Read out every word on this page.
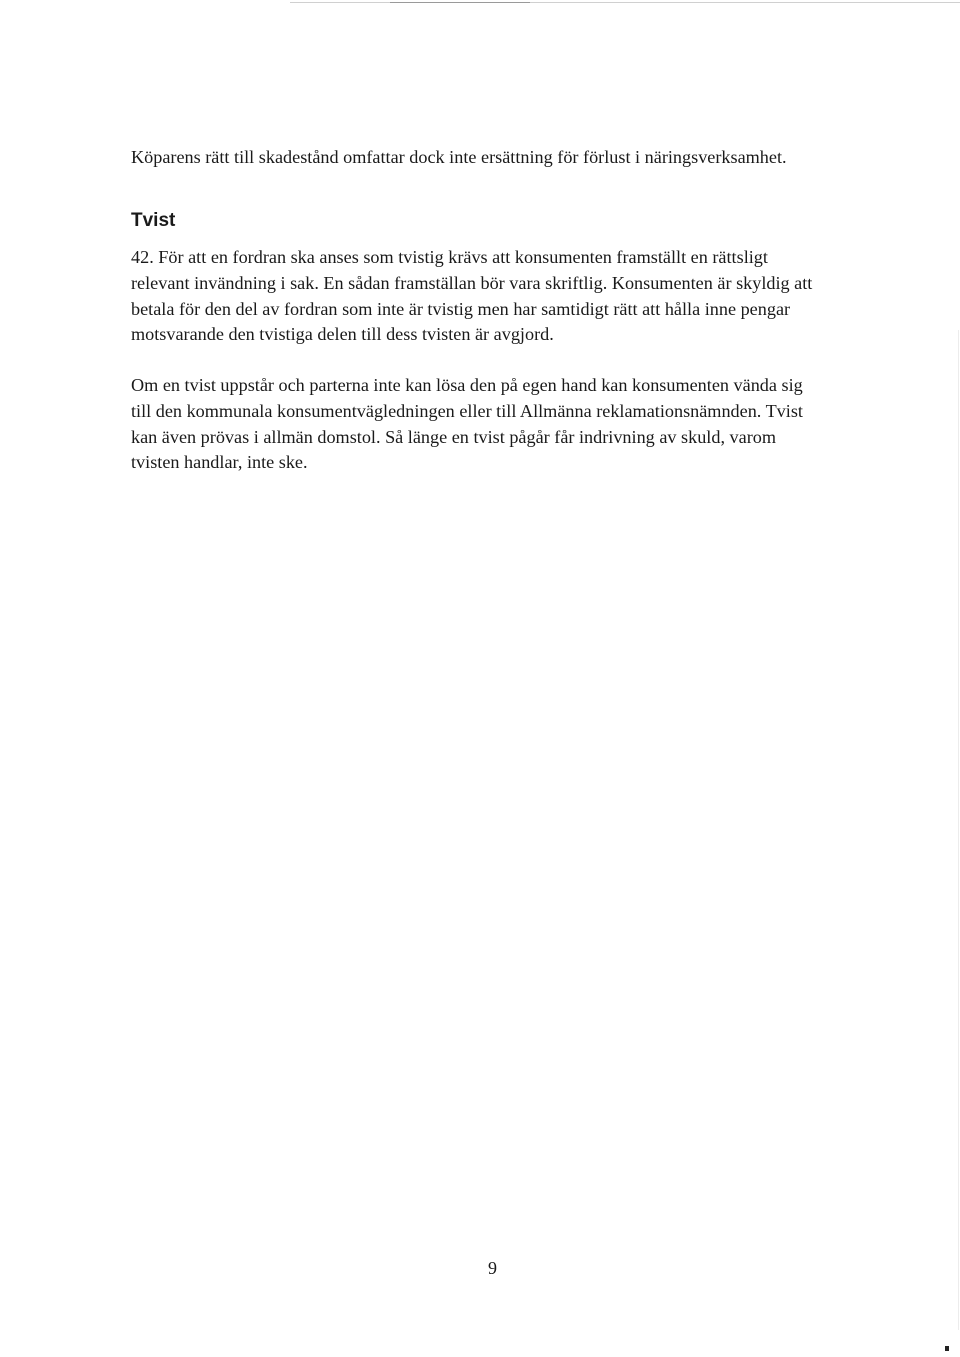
Köparens rätt till skadestånd omfattar dock inte ersättning för förlust i näringsverksamhet.

Tvist

42. För att en fordran ska anses som tvistig krävs att konsumenten framställt en rättsligt
relevant invändning i sak. En sådan framställan bör vara skriftlig. Konsumenten är skyldig att
betala för den del av fordran som inte är tvistig men har samtidigt rätt att hålla inne pengar
motsvarande den tvistiga delen till dess tvisten är avgjord.

Om en tvist uppstår och parterna inte kan lösa den på egen hand kan konsumenten vända sig
till den kommunala konsumentvägledningen eller till Allmänna reklamationsnämnden. Tvist
kan även prövas i allmän domstol. Så länge en tvist pågår får indrivning av skuld, varom
tvisten handlar, inte ske.

9
